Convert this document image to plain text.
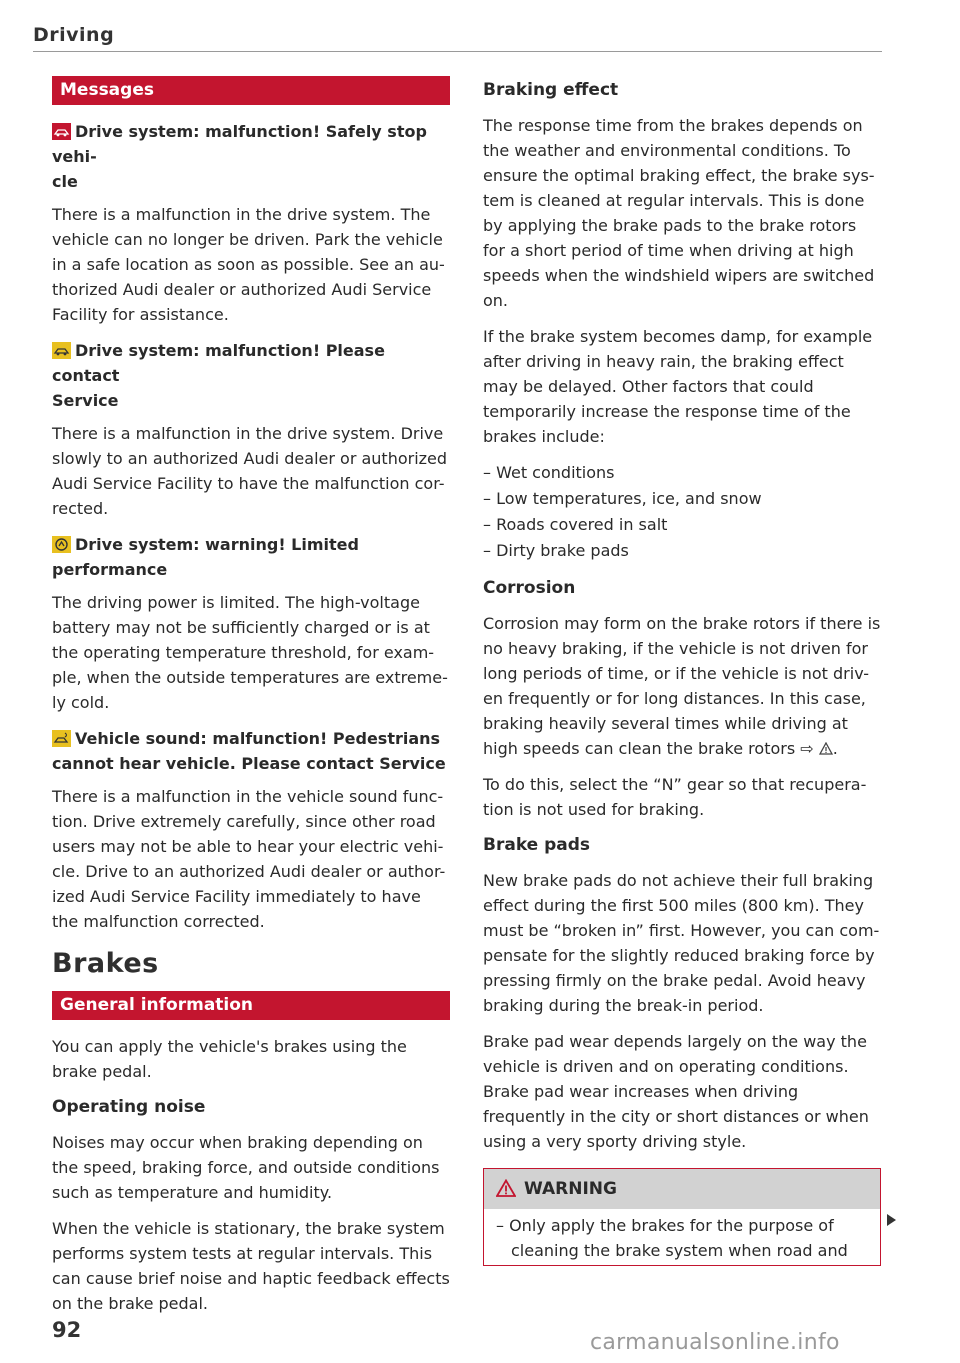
Driving
Messages
Drive system: malfunction! Safely stop vehi-
cle

There is a malfunction in the drive system. The vehicle can no longer be driven. Park the vehicle in a safe location as soon as possible. See an au-thorized Audi dealer or authorized Audi Service Facility for assistance.

Drive system: malfunction! Please contact
Service

There is a malfunction in the drive system. Drive slowly to an authorized Audi dealer or authorized Audi Service Facility to have the malfunction cor-rected.

Drive system: warning! Limited performance

The driving power is limited. The high-voltage battery may not be sufficiently charged or is at the operating temperature threshold, for exam-ple, when the outside temperatures are extreme-ly cold.

Vehicle sound: malfunction! Pedestrians
cannot hear vehicle. Please contact Service

There is a malfunction in the vehicle sound func-tion. Drive extremely carefully, since other road users may not be able to hear your electric vehi-cle. Drive to an authorized Audi dealer or author-ized Audi Service Facility immediately to have the malfunction corrected.

Brakes
General information

You can apply the vehicle's brakes using the brake pedal.

Operating noise

Noises may occur when braking depending on the speed, braking force, and outside conditions such as temperature and humidity.

When the vehicle is stationary, the brake system performs system tests at regular intervals. This can cause brief noise and haptic feedback effects on the brake pedal.

Braking effect

The response time from the brakes depends on the weather and environmental conditions. To ensure the optimal braking effect, the brake sys-tem is cleaned at regular intervals. This is done by applying the brake pads to the brake rotors for a short period of time when driving at high speeds when the windshield wipers are switched on.

If the brake system becomes damp, for example after driving in heavy rain, the braking effect may be delayed. Other factors that could temporarily increase the response time of the brakes include:

– Wet conditions
– Low temperatures, ice, and snow
– Roads covered in salt
– Dirty brake pads
Corrosion

Corrosion may form on the brake rotors if there is no heavy braking, if the vehicle is not driven for long periods of time, or if the vehicle is not driv-en frequently or for long distances. In this case, braking heavily several times while driving at high speeds can clean the brake rotors ⇨ .

To do this, select the “N” gear so that recupera-tion is not used for braking.

Brake pads

New brake pads do not achieve their full braking effect during the first 500 miles (800 km). They must be “broken in” first. However, you can com-pensate for the slightly reduced braking force by pressing firmly on the brake pedal. Avoid heavy braking during the break-in period.

Brake pad wear depends largely on the way the vehicle is driven and on operating conditions. Brake pad wear increases when driving frequently in the city or short distances or when using a very sporty driving style.

WARNING
– Only apply the brakes for the purpose of
cleaning the brake system when road and
92	carmanualsonline.info
